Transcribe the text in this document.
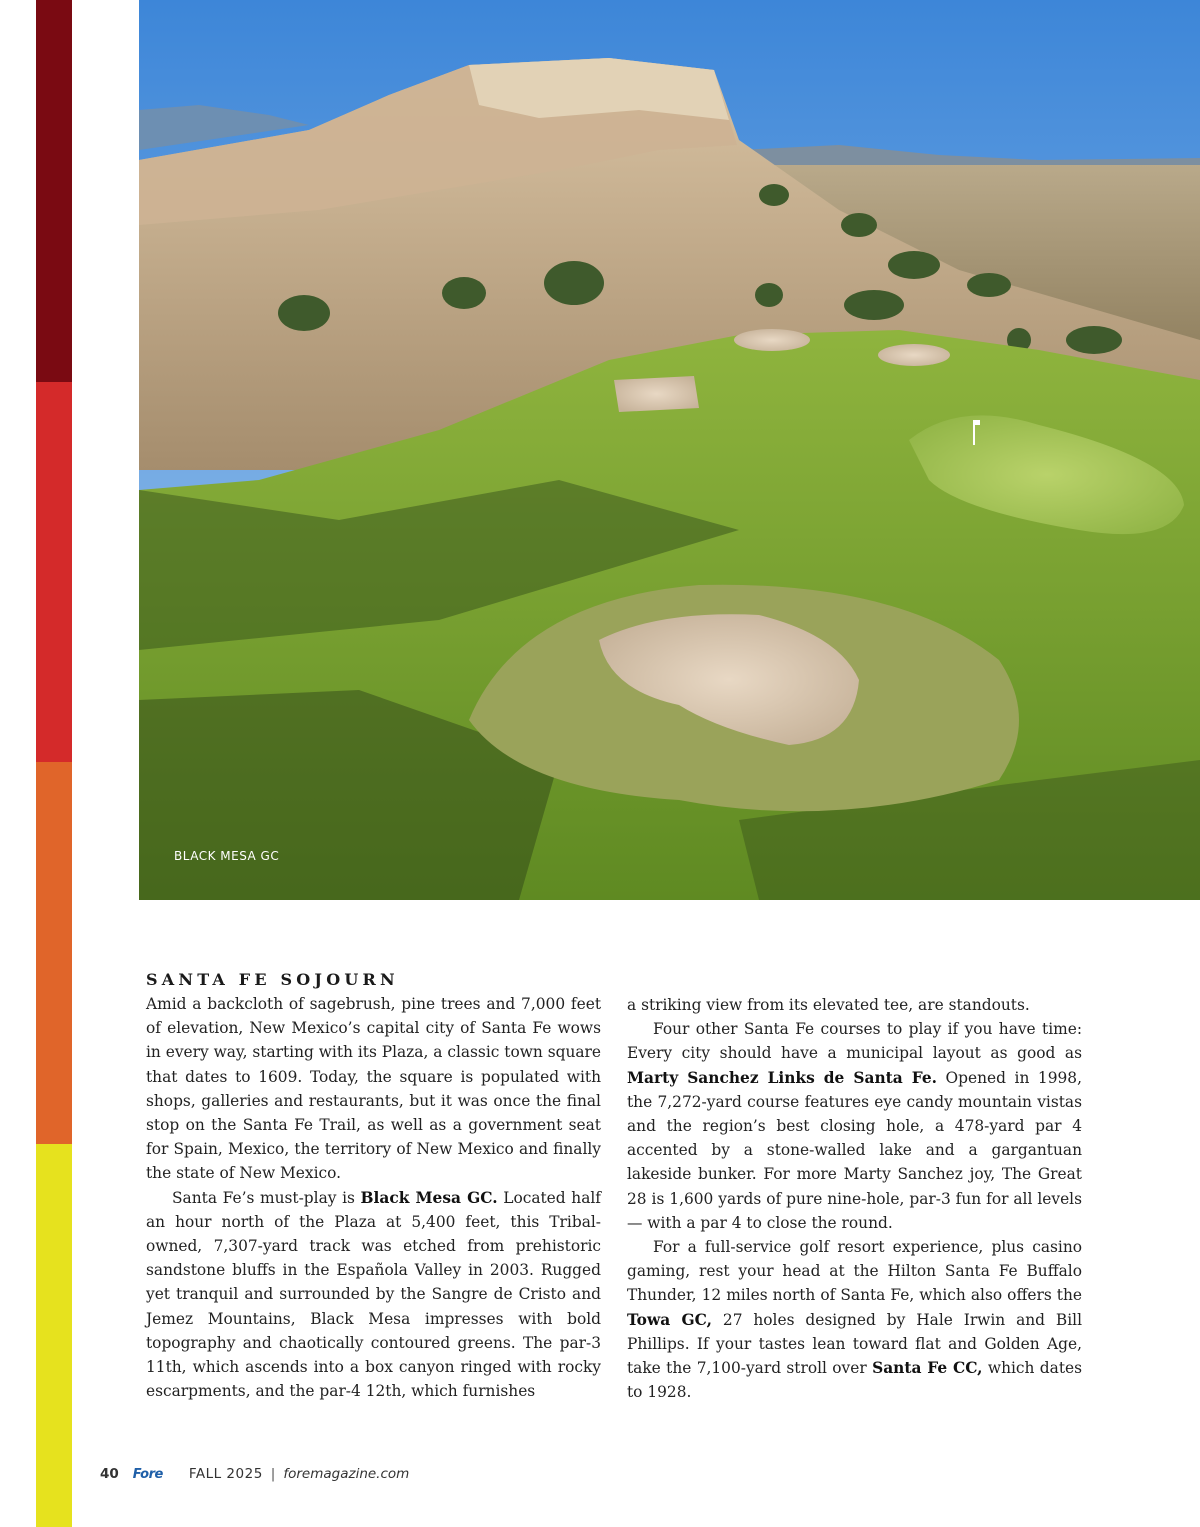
BLACK MESA GC
SANTA FE SOJOURN

Amid a backcloth of sagebrush, pine trees and 7,000 feet of elevation, New Mexico’s capital city of Santa Fe wows in every way, starting with its Plaza, a classic town square that dates to 1609. Today, the square is populated with shops, galleries and restaurants, but it was once the final stop on the Santa Fe Trail, as well as a government seat for Spain, Mexico, the territory of New Mexico and finally the state of New Mexico.

Santa Fe’s must-play is Black Mesa GC. Located half an hour north of the Plaza at 5,400 feet, this Tribal-owned, 7,307-yard track was etched from prehistoric sandstone bluffs in the Española Valley in 2003. Rugged yet tranquil and surrounded by the Sangre de Cristo and Jemez Mountains, Black Mesa impresses with bold topography and chaotically contoured greens. The par-3 11th, which ascends into a box canyon ringed with rocky escarpments, and the par-4 12th, which furnishes

a striking view from its elevated tee, are standouts.

Four other Santa Fe courses to play if you have time: Every city should have a municipal layout as good as Marty Sanchez Links de Santa Fe. Opened in 1998, the 7,272-yard course features eye candy mountain vistas and the region’s best closing hole, a 478-yard par 4 accented by a stone-walled lake and a gargantuan lakeside bunker. For more Marty Sanchez joy, The Great 28 is 1,600 yards of pure nine-hole, par-3 fun for all levels — with a par 4 to close the round.

For a full-service golf resort experience, plus casino gaming, rest your head at the Hilton Santa Fe Buffalo Thunder, 12 miles north of Santa Fe, which also offers the Towa GC, 27 holes designed by Hale Irwin and Bill Phillips. If your tastes lean toward flat and Golden Age, take the 7,100-yard stroll over Santa Fe CC, which dates to 1928.

40 Fore FALL 2025 | foremagazine.com
